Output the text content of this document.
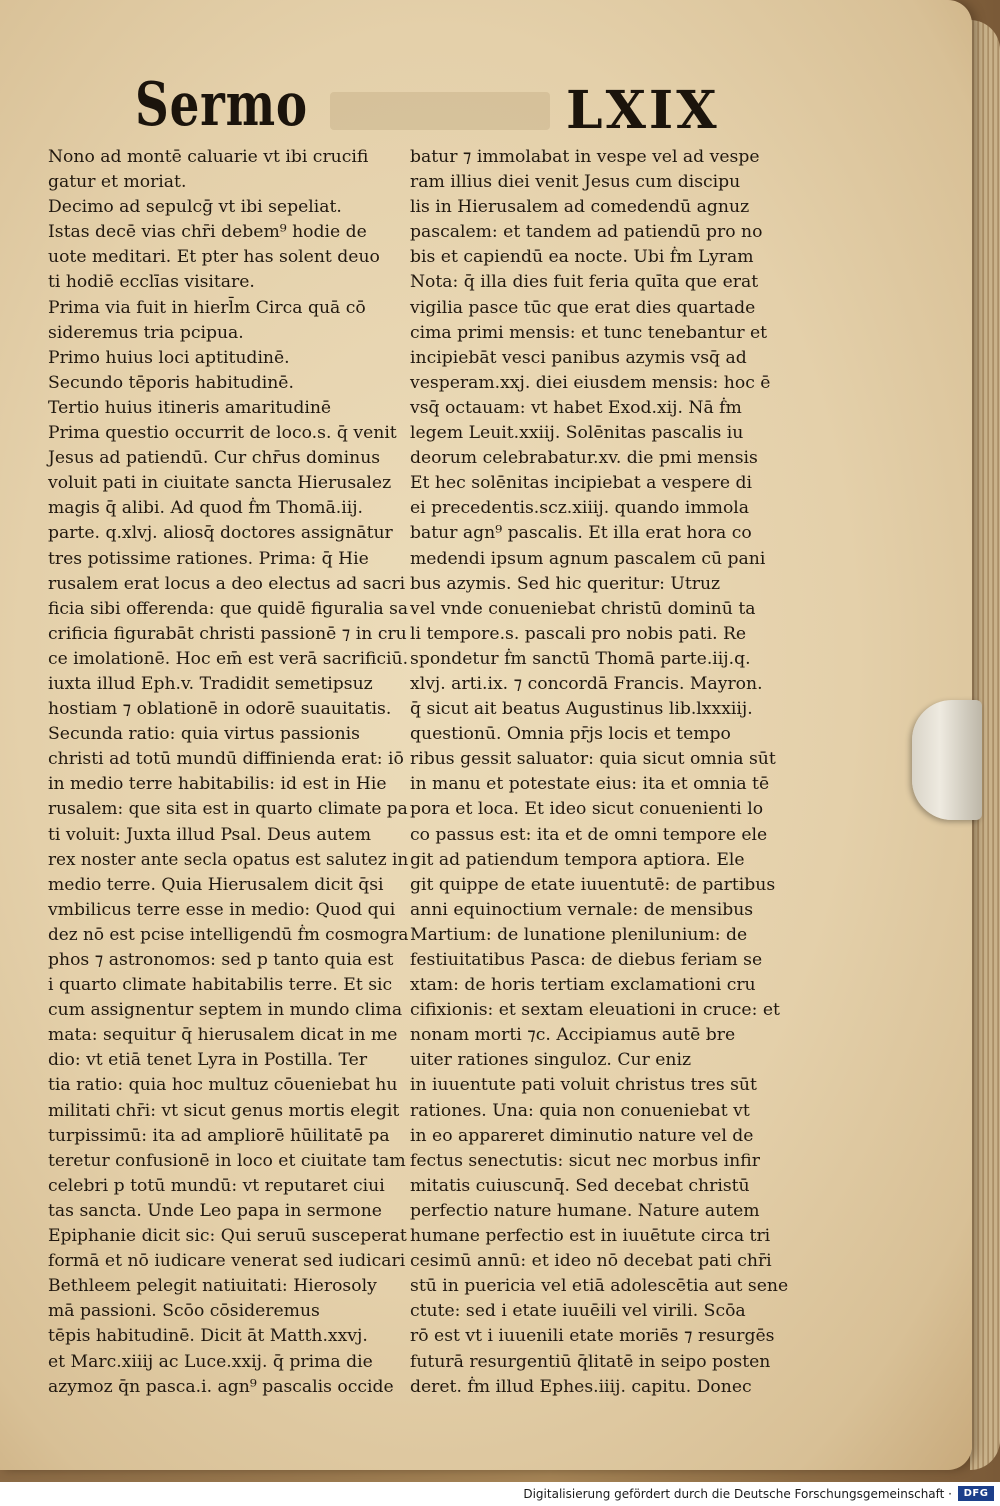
Sermo	LXIX
Nono ad montē caluarie vt ibi crucifi
gatur et moriat.
Decimo ad sepulcḡ vt ibi sepeliat.
Istas decē vias chr̄i debem⁹ hodie de
uote meditari. Et pter has solent deuo
ti hodiē ecclīas visitare.
Prima via fuit in hierl̄m Circa quā cō
sideremus tria pcipua.
Primo huius loci aptitudinē.
Secundo tēporis habitudinē.
Tertio huius itineris amaritudinē
Prima questio occurrit de loco.s. q̄ venit
Jesus ad patiendū. Cur chr̄us dominus
voluit pati in ciuitate sancta Hierusalez
magis q̄ alibi. Ad quod ḟm Thomā.iij.
parte. q.xlvj. aliosq̄ doctores assignātur
tres potissime rationes. Prima: q̄ Hie
rusalem erat locus a deo electus ad sacri
ficia sibi offerenda: que quidē figuralia sa
crificia figurabāt christi passionē ⁊ in cru
ce imolationē. Hoc em̄ est verā sacrificiū.
iuxta illud Eph.v. Tradidit semetipsuz
hostiam ⁊ oblationē in odorē suauitatis.
Secunda ratio: quia virtus passionis
christi ad totū mundū diffinienda erat: iō
in medio terre habitabilis: id est in Hie
rusalem: que sita est in quarto climate pa
ti voluit: Juxta illud Psal. Deus autem
rex noster ante secla opatus est salutez in
medio terre. Quia Hierusalem dicit q̄si
vmbilicus terre esse in medio: Quod qui
dez nō est pcise intelligendū ḟm cosmogra
phos ⁊ astronomos: sed p tanto quia est
i quarto climate habitabilis terre. Et sic
cum assignentur septem in mundo clima
mata: sequitur q̄ hierusalem dicat in me
dio: vt etiā tenet Lyra in Postilla. Ter
tia ratio: quia hoc multuz cōueniebat hu
militati chr̄i: vt sicut genus mortis elegit
turpissimū: ita ad ampliorē hūilitatē pa
teretur confusionē in loco et ciuitate tam
celebri p totū mundū: vt reputaret ciui
tas sancta. Unde Leo papa in sermone
Epiphanie dicit sic: Qui seruū susceperat
formā et nō iudicare venerat sed iudicari
Bethleem pelegit natiuitati: Hierosoly
mā passioni. Scōo cōsideremus
tēpis habitudinē. Dicit āt Matth.xxvj.
et Marc.xiiij ac Luce.xxij. q̄ prima die
azymoz q̄n pasca.i. agn⁹ pascalis occide
batur ⁊ immolabat in vespe vel ad vespe
ram illius diei venit Jesus cum discipu
lis in Hierusalem ad comedendū agnuz
pascalem: et tandem ad patiendū pro no
bis et capiendū ea nocte. Ubi ḟm Lyram
Nota: q̄ illa dies fuit feria quīta que erat
vigilia pasce tūc que erat dies quartade
cima primi mensis: et tunc tenebantur et
incipiebāt vesci panibus azymis vsq̄ ad
vesperam.xxj. diei eiusdem mensis: hoc ē
vsq̄ octauam: vt habet Exod.xij. Nā ḟm
legem Leuit.xxiij. Solēnitas pascalis iu
deorum celebrabatur.xv. die pmi mensis
Et hec solēnitas incipiebat a vespere di
ei precedentis.scz.xiiij. quando immola
batur agn⁹ pascalis. Et illa erat hora co
medendi ipsum agnum pascalem cū pani
bus azymis. Sed hic queritur: Utruz
vel vnde conueniebat christū dominū ta
li tempore.s. pascali pro nobis pati. Re
spondetur ḟm sanctū Thomā parte.iij.q.
xlvj. arti.ix. ⁊ concordā Francis. Mayron.
q̄ sicut ait beatus Augustinus lib.lxxxiij.
questionū. Omnia pr̄js locis et tempo
ribus gessit saluator: quia sicut omnia sūt
in manu et potestate eius: ita et omnia tē
pora et loca. Et ideo sicut conuenienti lo
co passus est: ita et de omni tempore ele
git ad patiendum tempora aptiora. Ele
git quippe de etate iuuentutē: de partibus
anni equinoctium vernale: de mensibus
Martium: de lunatione plenilunium: de
festiuitatibus Pasca: de diebus feriam se
xtam: de horis tertiam exclamationi cru
cifixionis: et sextam eleuationi in cruce: et
nonam morti ⁊c. Accipiamus autē bre
uiter rationes singuloz. Cur eniz
in iuuentute pati voluit christus tres sūt
rationes. Una: quia non conueniebat vt
in eo appareret diminutio nature vel de
fectus senectutis: sicut nec morbus infir
mitatis cuiuscunq̄. Sed decebat christū
perfectio nature humane. Nature autem
humane perfectio est in iuuētute circa tri
cesimū annū: et ideo nō decebat pati chr̄i
stū in puericia vel etiā adolescētia aut sene
ctute: sed i etate iuuēili vel virili. Scōa
rō est vt i iuuenili etate moriēs ⁊ resurgēs
futurā resurgentiū q̄litatē in seipo posten
deret. ḟm illud Ephes.iiij. capitu. Donec
Digitalisierung gefördert durch die Deutsche Forschungsgemeinschaft ·	DFG
